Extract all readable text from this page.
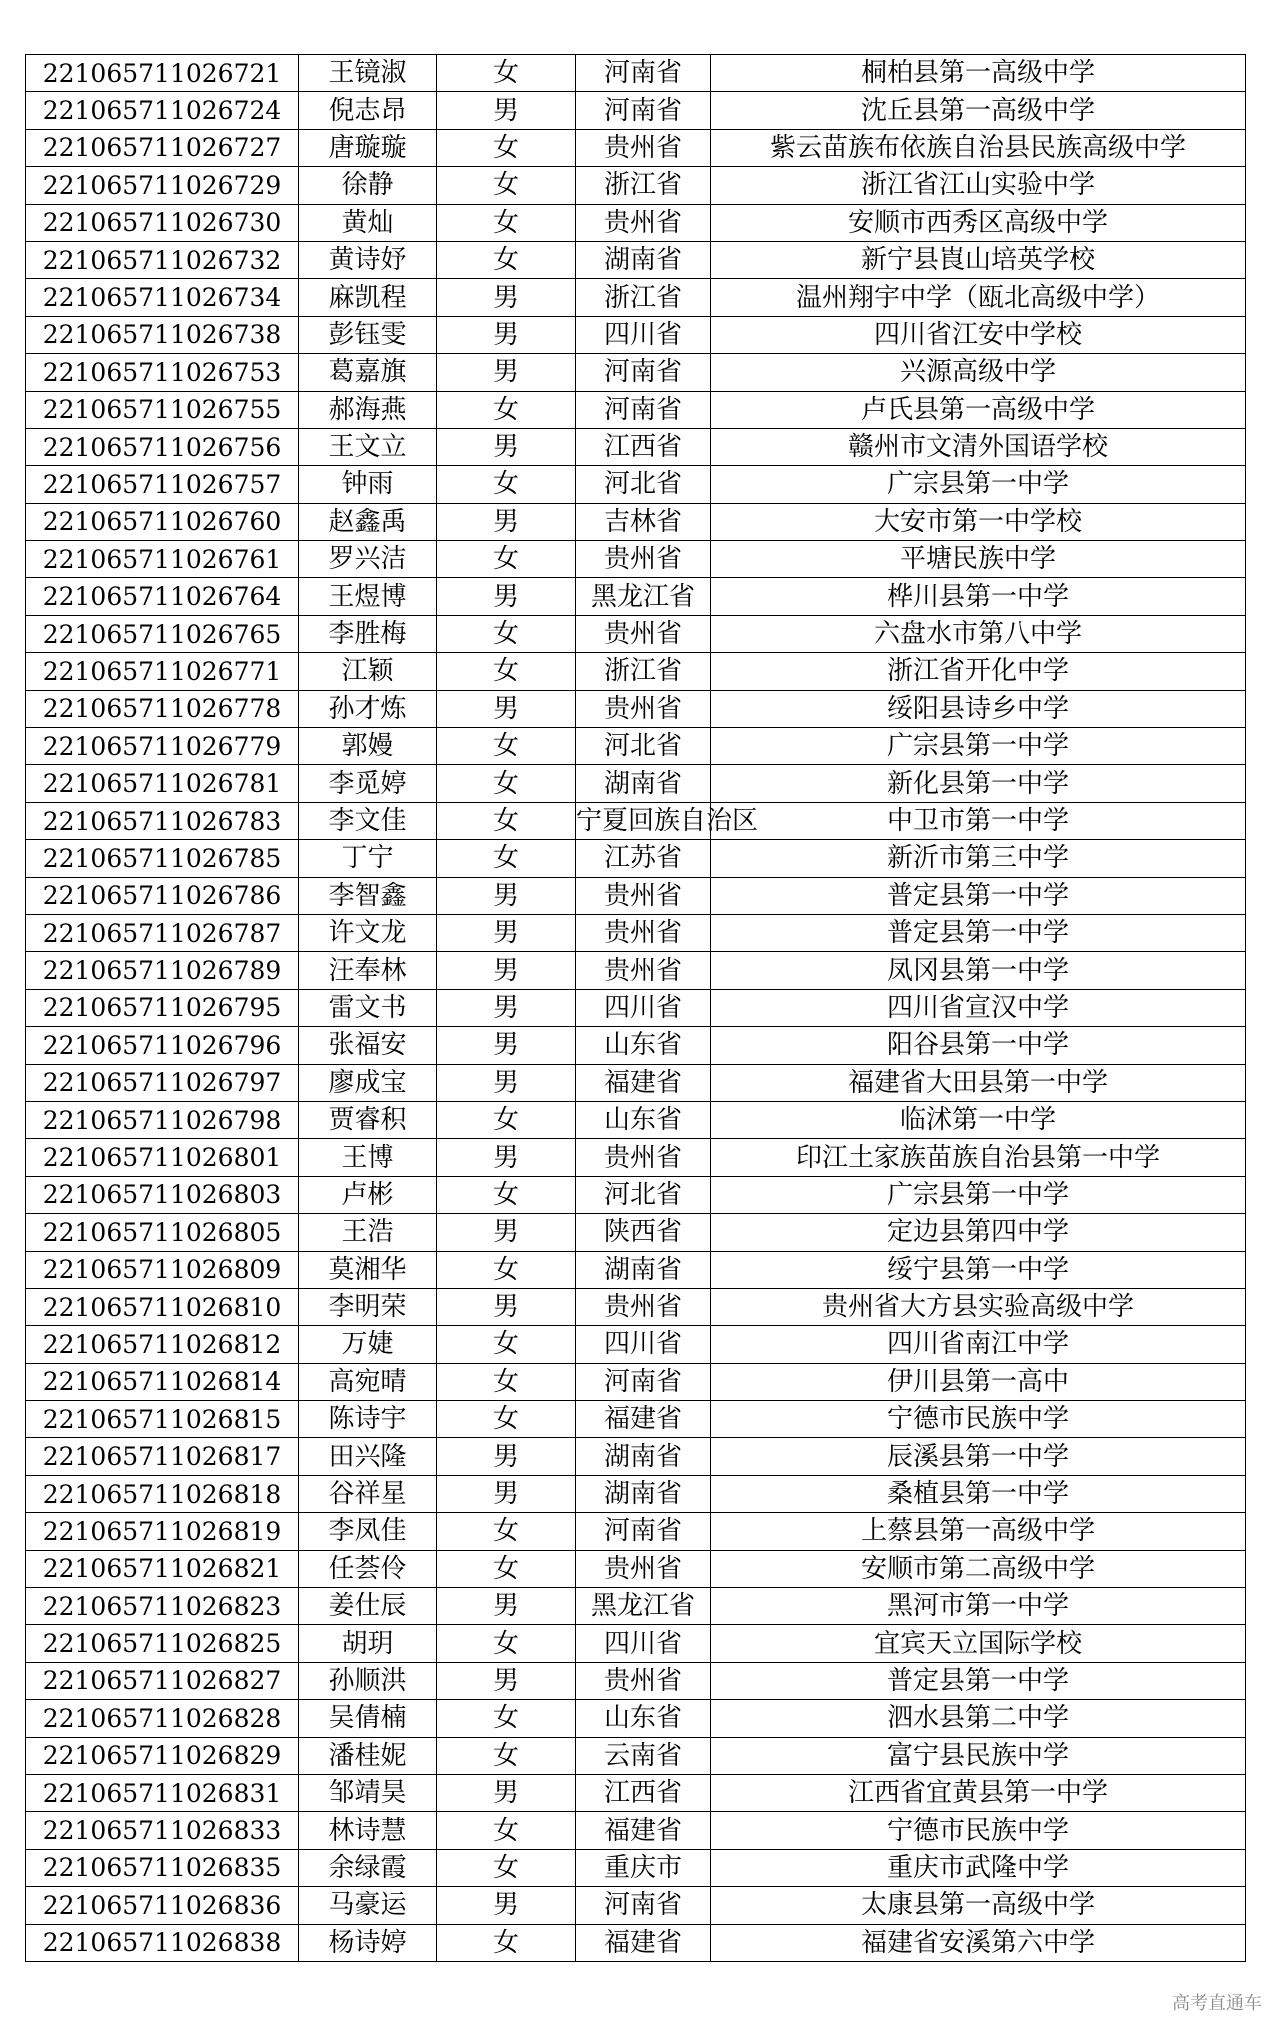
221065711026721	王镜淑	女	河南省	桐柏县第一高级中学
221065711026724	倪志昂	男	河南省	沈丘县第一高级中学
221065711026727	唐璇璇	女	贵州省	紫云苗族布依族自治县民族高级中学
221065711026729	徐静	女	浙江省	浙江省江山实验中学
221065711026730	黄灿	女	贵州省	安顺市西秀区高级中学
221065711026732	黄诗妤	女	湖南省	新宁县崀山培英学校
221065711026734	麻凯程	男	浙江省	温州翔宇中学（瓯北高级中学）
221065711026738	彭钰雯	男	四川省	四川省江安中学校
221065711026753	葛嘉旗	男	河南省	兴源高级中学
221065711026755	郝海燕	女	河南省	卢氏县第一高级中学
221065711026756	王文立	男	江西省	赣州市文清外国语学校
221065711026757	钟雨	女	河北省	广宗县第一中学
221065711026760	赵鑫禹	男	吉林省	大安市第一中学校
221065711026761	罗兴洁	女	贵州省	平塘民族中学
221065711026764	王煜博	男	黑龙江省	桦川县第一中学
221065711026765	李胜梅	女	贵州省	六盘水市第八中学
221065711026771	江颖	女	浙江省	浙江省开化中学
221065711026778	孙才炼	男	贵州省	绥阳县诗乡中学
221065711026779	郭嫚	女	河北省	广宗县第一中学
221065711026781	李觅婷	女	湖南省	新化县第一中学
221065711026783	李文佳	女	宁夏回族自治区	中卫市第一中学
221065711026785	丁宁	女	江苏省	新沂市第三中学
221065711026786	李智鑫	男	贵州省	普定县第一中学
221065711026787	许文龙	男	贵州省	普定县第一中学
221065711026789	汪奉林	男	贵州省	凤冈县第一中学
221065711026795	雷文书	男	四川省	四川省宣汉中学
221065711026796	张福安	男	山东省	阳谷县第一中学
221065711026797	廖成宝	男	福建省	福建省大田县第一中学
221065711026798	贾睿积	女	山东省	临沭第一中学
221065711026801	王博	男	贵州省	印江土家族苗族自治县第一中学
221065711026803	卢彬	女	河北省	广宗县第一中学
221065711026805	王浩	男	陕西省	定边县第四中学
221065711026809	莫湘华	女	湖南省	绥宁县第一中学
221065711026810	李明荣	男	贵州省	贵州省大方县实验高级中学
221065711026812	万婕	女	四川省	四川省南江中学
221065711026814	高宛晴	女	河南省	伊川县第一高中
221065711026815	陈诗宇	女	福建省	宁德市民族中学
221065711026817	田兴隆	男	湖南省	辰溪县第一中学
221065711026818	谷祥星	男	湖南省	桑植县第一中学
221065711026819	李凤佳	女	河南省	上蔡县第一高级中学
221065711026821	任荟伶	女	贵州省	安顺市第二高级中学
221065711026823	姜仕辰	男	黑龙江省	黑河市第一中学
221065711026825	胡玥	女	四川省	宜宾天立国际学校
221065711026827	孙顺洪	男	贵州省	普定县第一中学
221065711026828	吴倩楠	女	山东省	泗水县第二中学
221065711026829	潘桂妮	女	云南省	富宁县民族中学
221065711026831	邹靖昊	男	江西省	江西省宜黄县第一中学
221065711026833	林诗慧	女	福建省	宁德市民族中学
221065711026835	余绿霞	女	重庆市	重庆市武隆中学
221065711026836	马豪运	男	河南省	太康县第一高级中学
221065711026838	杨诗婷	女	福建省	福建省安溪第六中学
高考直通车
